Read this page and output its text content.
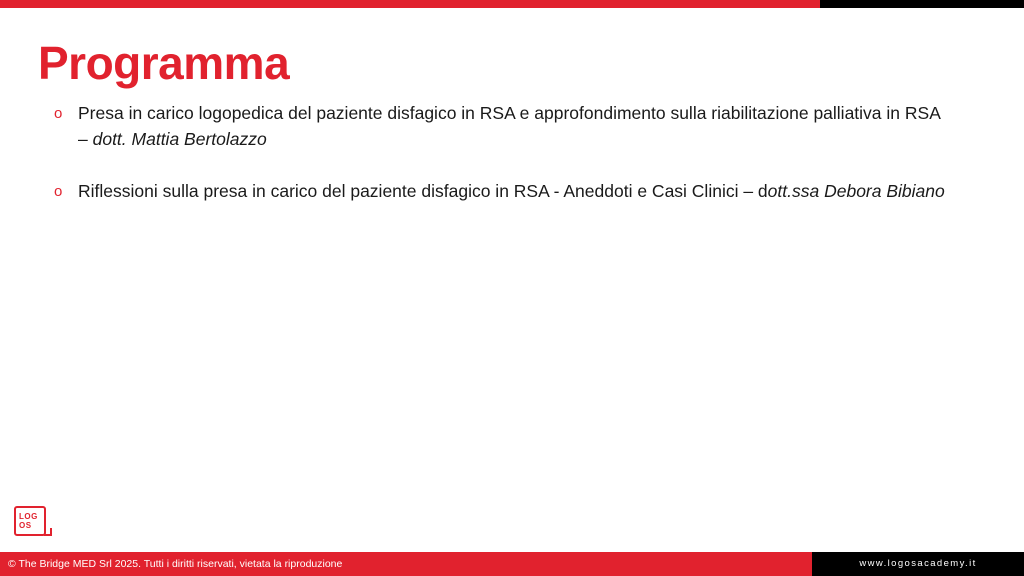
Programma
o Presa in carico logopedica del paziente disfagico in RSA e approfondimento sulla riabilitazione palliativa in RSA – dott. Mattia Bertolazzo
o Riflessioni sulla presa in carico del paziente disfagico in RSA - Aneddoti e Casi Clinici – dott.ssa Debora Bibiano
LOG
OS
© The Bridge MED Srl 2025. Tutti i diritti riservati, vietata la riproduzione	www.logosacademy.it
